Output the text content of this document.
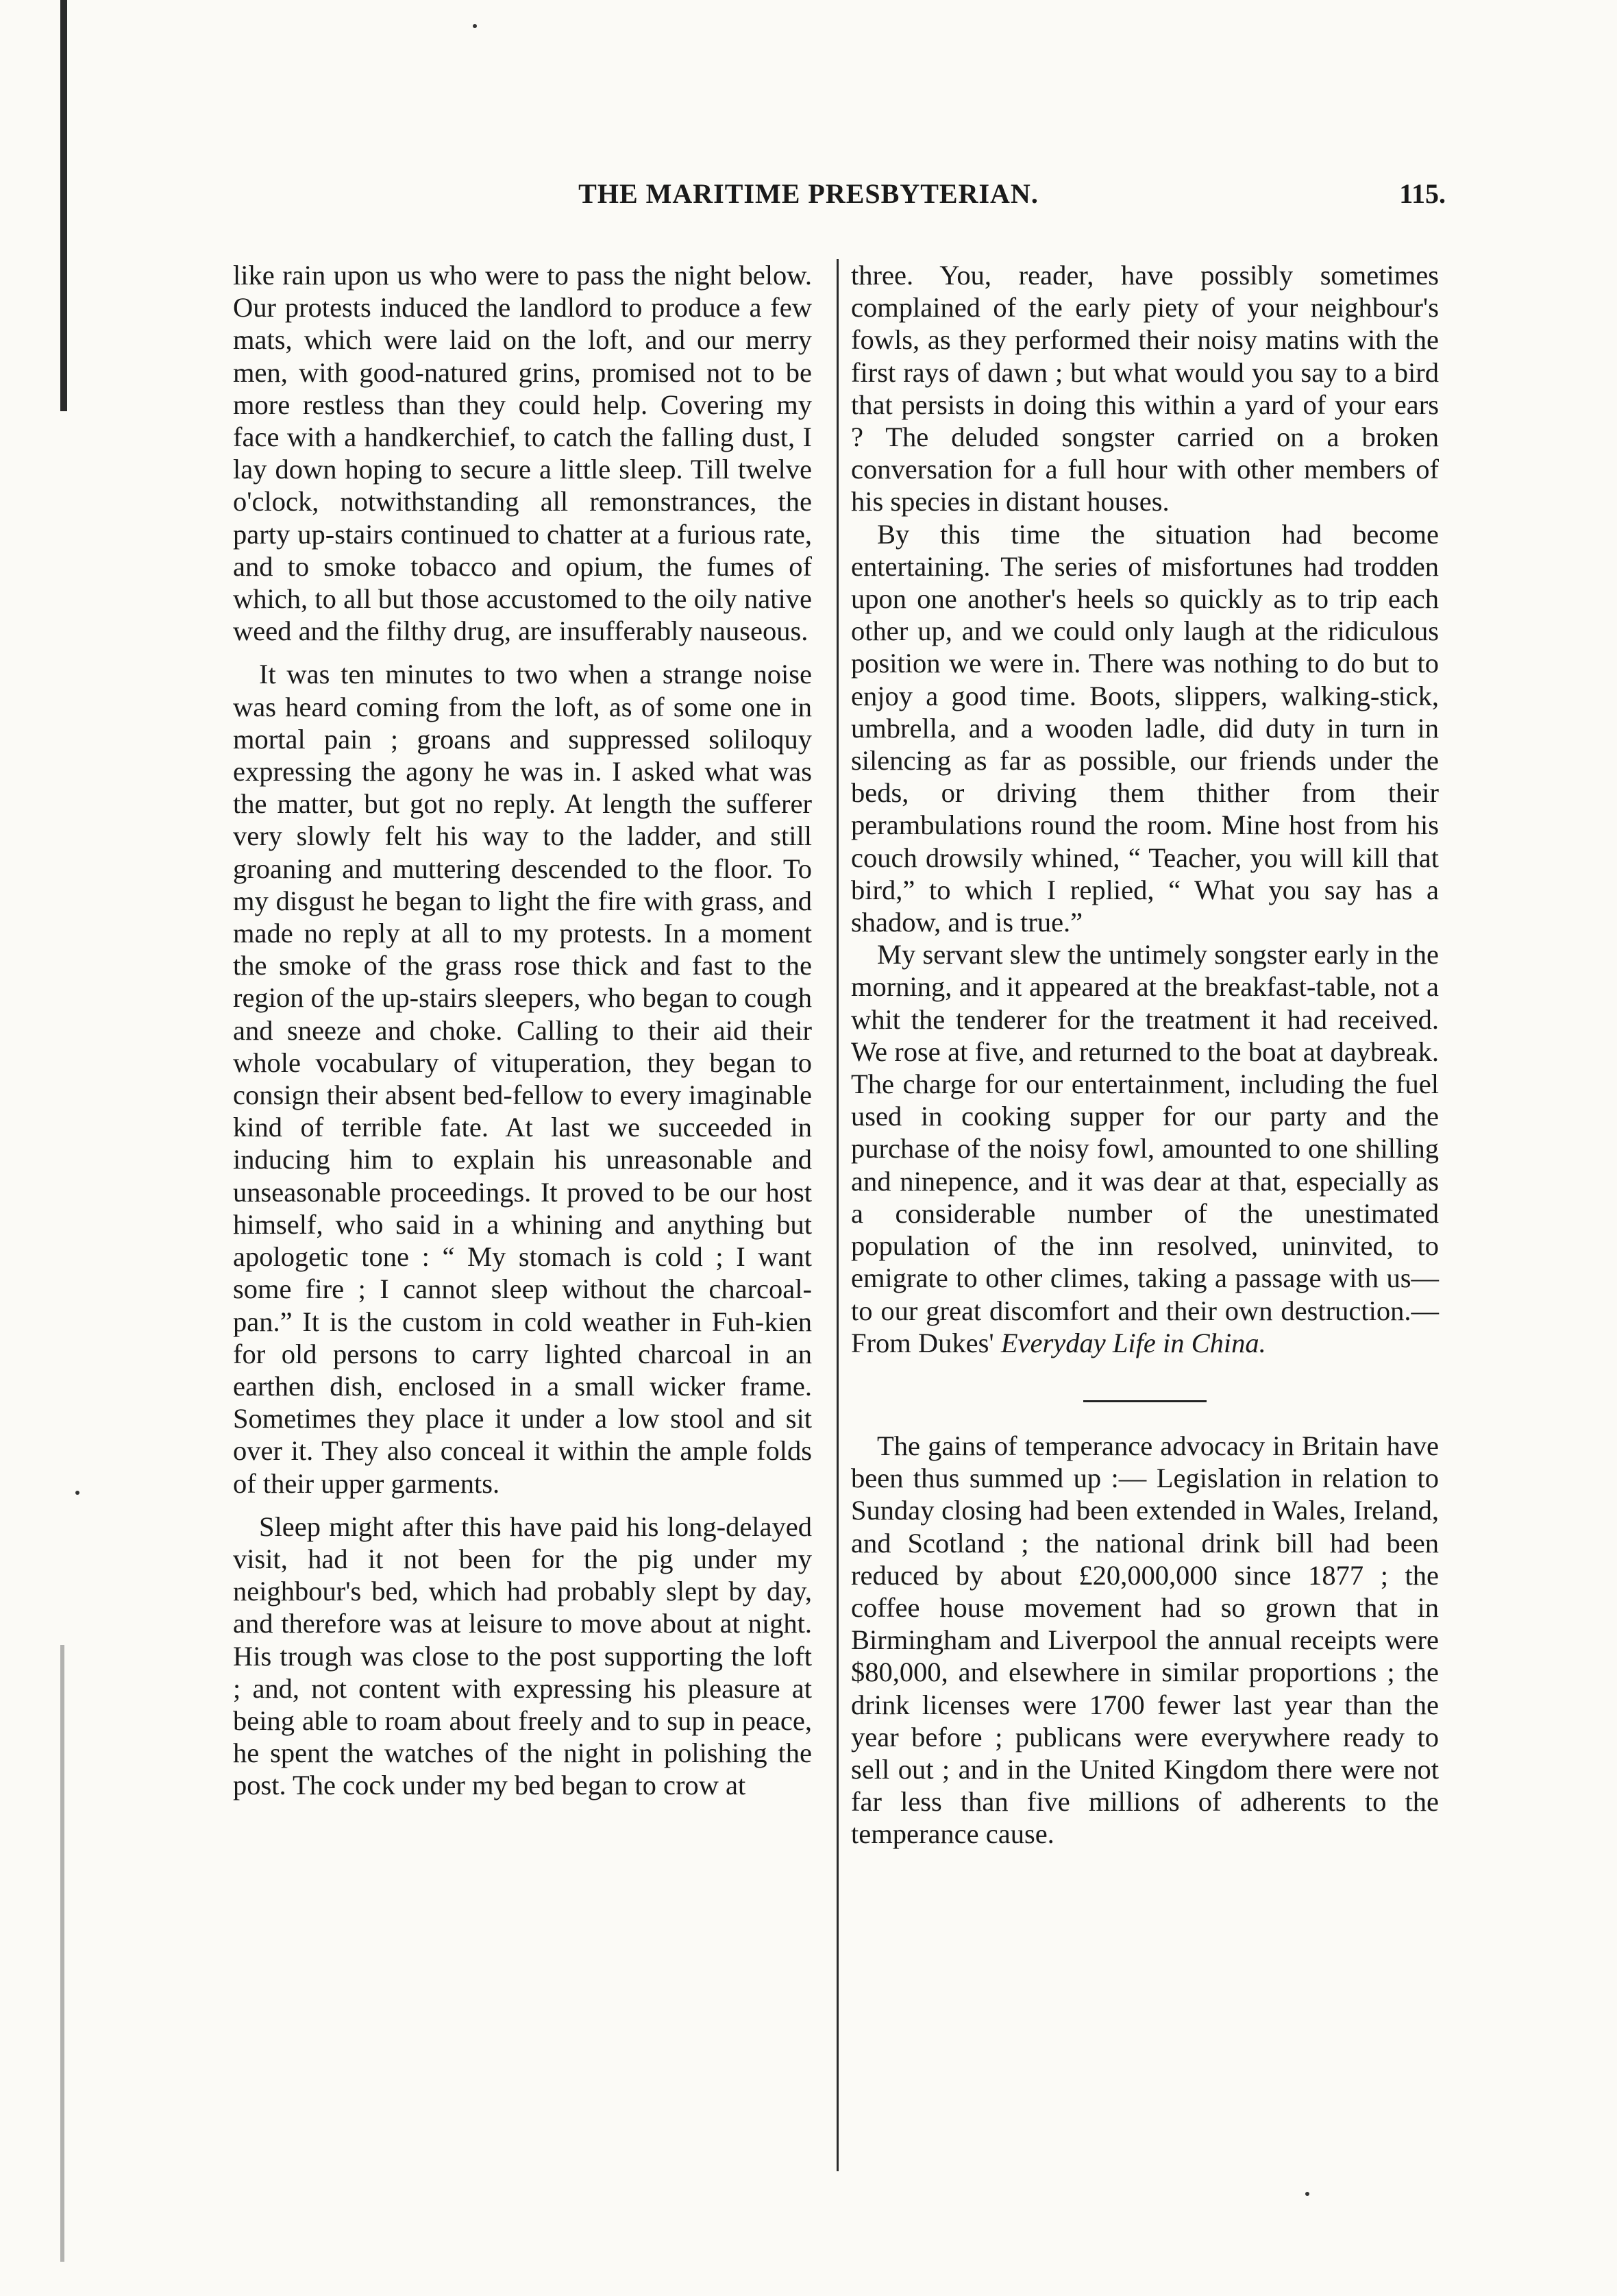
THE MARITIME PRESBYTERIAN.	115.

like rain upon us who were to pass the night below. Our protests induced the landlord to produce a few mats, which were laid on the loft, and our merry men, with good-natured grins, promised not to be more restless than they could help. Covering my face with a handkerchief, to catch the falling dust, I lay down hoping to secure a little sleep. Till twelve o'clock, notwithstanding all remonstrances, the party up-stairs continued to chatter at a furious rate, and to smoke tobacco and opium, the fumes of which, to all but those accustomed to the oily native weed and the filthy drug, are insufferably nauseous.

It was ten minutes to two when a strange noise was heard coming from the loft, as of some one in mortal pain ; groans and suppressed soliloquy expressing the agony he was in. I asked what was the matter, but got no reply. At length the sufferer very slowly felt his way to the ladder, and still groaning and muttering descended to the floor. To my disgust he began to light the fire with grass, and made no reply at all to my protests. In a moment the smoke of the grass rose thick and fast to the region of the up-stairs sleepers, who began to cough and sneeze and choke. Calling to their aid their whole vocabulary of vituperation, they began to consign their absent bed-fellow to every imaginable kind of terrible fate. At last we succeeded in inducing him to explain his unreasonable and unseasonable proceedings. It proved to be our host himself, who said in a whining and anything but apologetic tone : “ My stomach is cold ; I want some fire ; I cannot sleep without the charcoal-pan.” It is the custom in cold weather in Fuh-kien for old persons to carry lighted charcoal in an earthen dish, enclosed in a small wicker frame. Sometimes they place it under a low stool and sit over it. They also conceal it within the ample folds of their upper garments.

Sleep might after this have paid his long-delayed visit, had it not been for the pig under my neighbour's bed, which had probably slept by day, and therefore was at leisure to move about at night. His trough was close to the post supporting the loft ; and, not content with expressing his pleasure at being able to roam about freely and to sup in peace, he spent the watches of the night in polishing the post. The cock under my bed began to crow at

three. You, reader, have possibly sometimes complained of the early piety of your neighbour's fowls, as they performed their noisy matins with the first rays of dawn ; but what would you say to a bird that persists in doing this within a yard of your ears ? The deluded songster carried on a broken conversation for a full hour with other members of his species in distant houses.

By this time the situation had become entertaining. The series of misfortunes had trodden upon one another's heels so quickly as to trip each other up, and we could only laugh at the ridiculous position we were in. There was nothing to do but to enjoy a good time. Boots, slippers, walking-stick, umbrella, and a wooden ladle, did duty in turn in silencing as far as possible, our friends under the beds, or driving them thither from their perambulations round the room. Mine host from his couch drowsily whined, “ Teacher, you will kill that bird,” to which I replied, “ What you say has a shadow, and is true.”

My servant slew the untimely songster early in the morning, and it appeared at the breakfast-table, not a whit the tenderer for the treatment it had received. We rose at five, and returned to the boat at daybreak. The charge for our entertainment, including the fuel used in cooking supper for our party and the purchase of the noisy fowl, amounted to one shilling and ninepence, and it was dear at that, especially as a considerable number of the unestimated population of the inn resolved, uninvited, to emigrate to other climes, taking a passage with us—to our great discomfort and their own destruction.—From Dukes' Everyday Life in China.

The gains of temperance advocacy in Britain have been thus summed up :— Legislation in relation to Sunday closing had been extended in Wales, Ireland, and Scotland ; the national drink bill had been reduced by about £20,000,000 since 1877 ; the coffee house movement had so grown that in Birmingham and Liverpool the annual receipts were $80,000, and elsewhere in similar proportions ; the drink licenses were 1700 fewer last year than the year before ; publicans were everywhere ready to sell out ; and in the United Kingdom there were not far less than five millions of adherents to the temperance cause.
